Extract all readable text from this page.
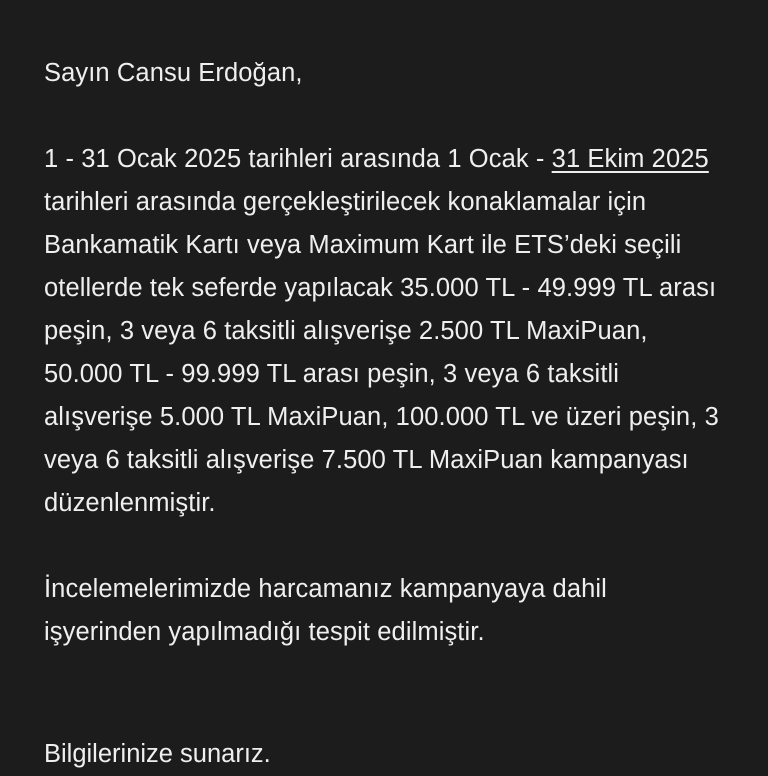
Sayın Cansu Erdoğan,

1 - 31 Ocak 2025 tarihleri arasında 1 Ocak - 31 Ekim 2025 tarihleri arasında gerçekleştirilecek konaklamalar için Bankamatik Kartı veya Maximum Kart ile ETS’deki seçili otellerde tek seferde yapılacak 35.000 TL - 49.999 TL arası peşin, 3 veya 6 taksitli alışverişe 2.500 TL MaxiPuan, 50.000 TL - 99.999 TL arası peşin, 3 veya 6 taksitli alışverişe 5.000 TL MaxiPuan, 100.000 TL ve üzeri peşin, 3 veya 6 taksitli alışverişe 7.500 TL MaxiPuan kampanyası düzenlenmiştir.

İncelemelerimizde harcamanız kampanyaya dahil işyerinden yapılmadığı tespit edilmiştir.

Bilgilerinize sunarız.
